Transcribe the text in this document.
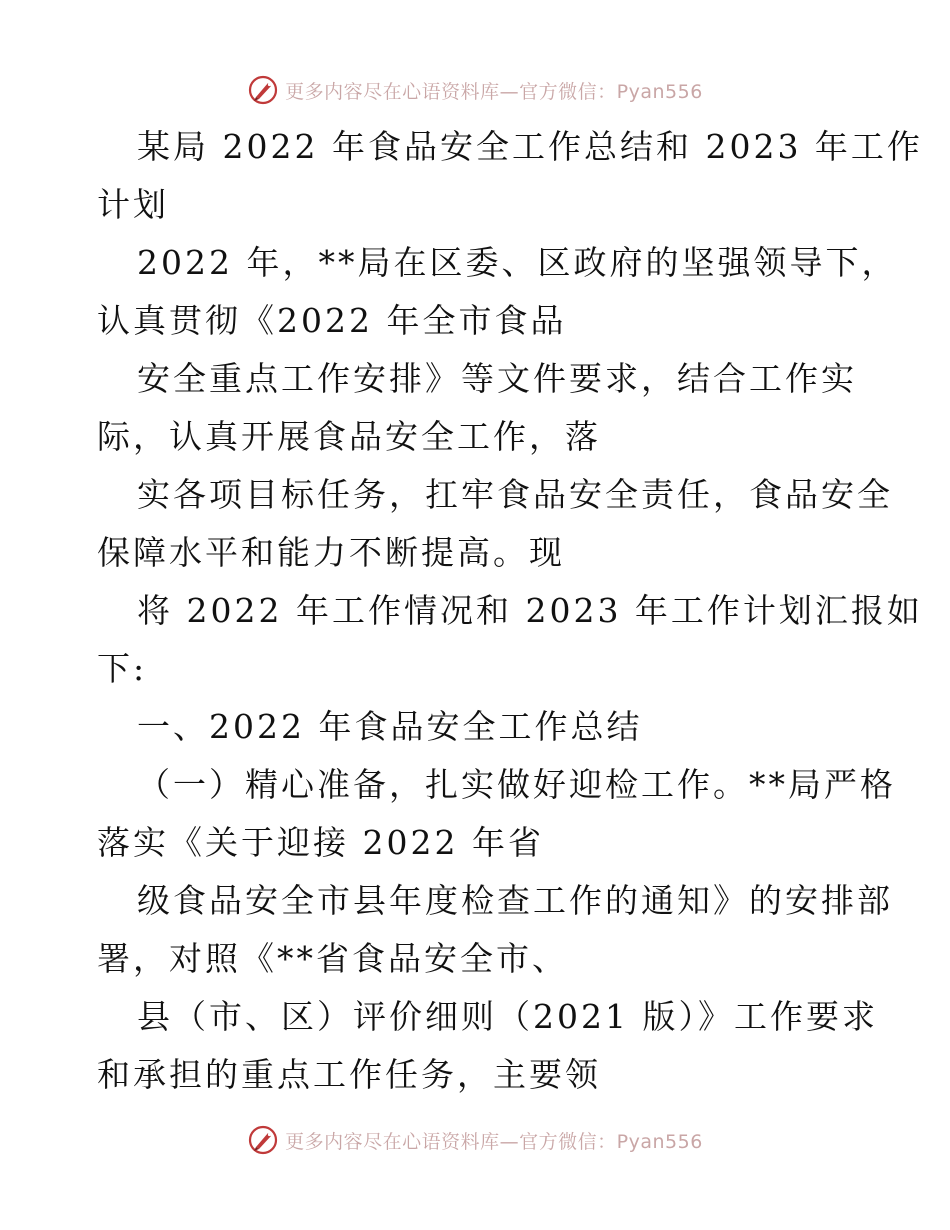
更多内容尽在心语资料库—官方微信：Pyan556
某局 2022 年食品安全工作总结和 2023 年工作
计划
2022 年，**局在区委、区政府的坚强领导下，
认真贯彻《2022 年全市食品
安全重点工作安排》等文件要求，结合工作实
际，认真开展食品安全工作，落
实各项目标任务，扛牢食品安全责任，食品安全
保障水平和能力不断提高。现
将 2022 年工作情况和 2023 年工作计划汇报如
下:
一、2022 年食品安全工作总结
（一）精心准备，扎实做好迎检工作。**局严格
落实《关于迎接 2022 年省
级食品安全市县年度检查工作的通知》的安排部
署，对照《**省食品安全市、
县（市、区）评价细则（2021 版）》工作要求
和承担的重点工作任务，主要领
更多内容尽在心语资料库—官方微信：Pyan556
